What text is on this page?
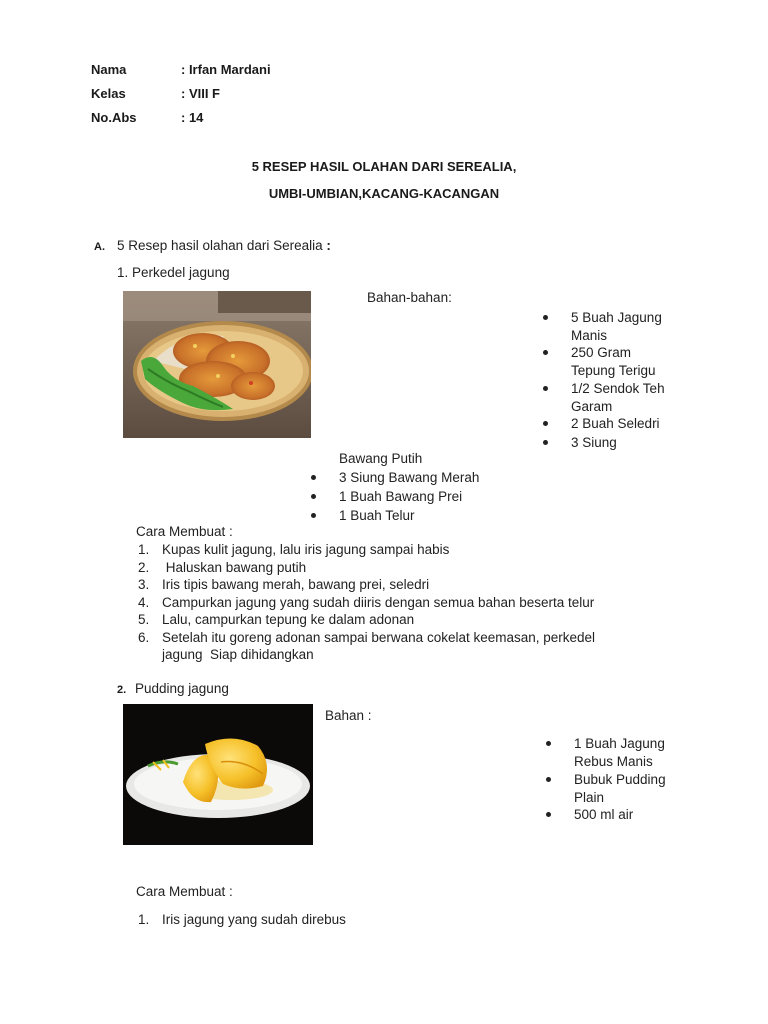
Nama	: Irfan Mardani
Kelas	: VIII F
No.Abs	: 14
5 RESEP HASIL OLAHAN DARI SEREALIA,
UMBI-UMBIAN,KACANG-KACANGAN
A. 5 Resep hasil olahan dari Serealia :
1. Perkedel jagung
Bahan-bahan:
5 Buah Jagung
Manis
250 Gram
Tepung Terigu
1/2 Sendok Teh
Garam
2 Buah Seledri
3 Siung
Bawang Putih
3 Siung Bawang Merah
1 Buah Bawang Prei
1 Buah Telur
Cara Membuat :
1. Kupas kulit jagung, lalu iris jagung sampai habis
2. Haluskan bawang putih
3. Iris tipis bawang merah, bawang prei, seledri
4. Campurkan jagung yang sudah diiris dengan semua bahan beserta telur
5. Lalu, campurkan tepung ke dalam adonan
6. Setelah itu goreng adonan sampai berwana cokelat keemasan, perkedel
jagung  Siap dihidangkan
2. Pudding jagung
Bahan :
1 Buah Jagung
Rebus Manis
Bubuk Pudding
Plain
500 ml air
Cara Membuat :
1. Iris jagung yang sudah direbus
